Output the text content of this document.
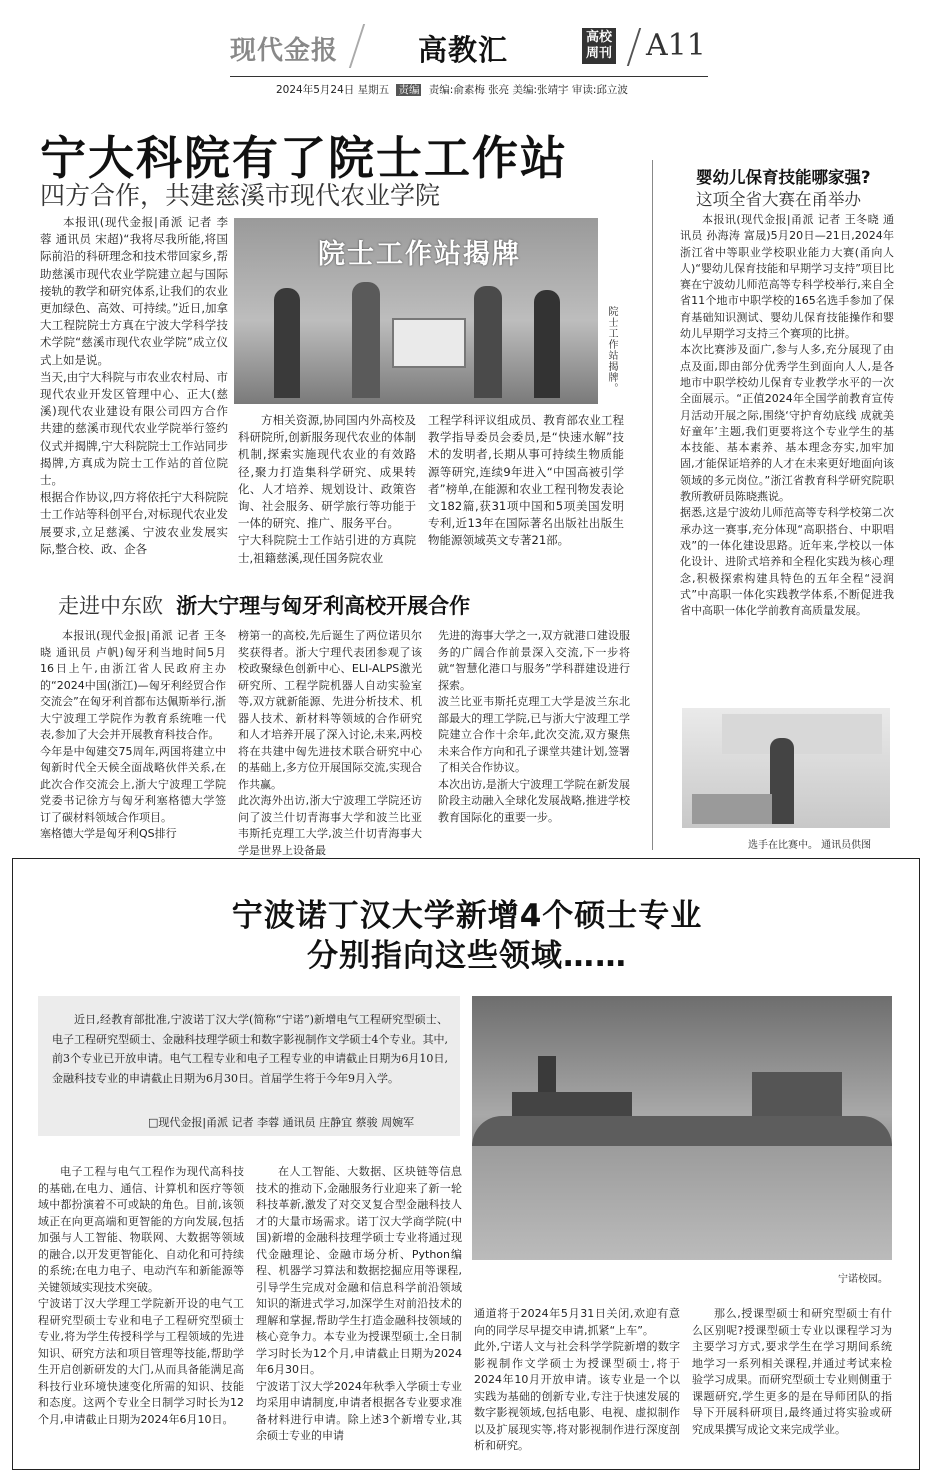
现代金报	高教汇	高校周刊 A11
2024年5月24日 星期五 责编 责编:俞素梅 张亮 美编:张靖宇 审读:邱立波
宁大科院有了院士工作站
四方合作，共建慈溪市现代农业学院

本报讯(现代金报|甬派 记者 李蓉 通讯员 宋超)“我将尽我所能,将国际前沿的科研理念和技术带回家乡,帮助慈溪市现代农业学院建立起与国际接轨的教学和研究体系,让我们的农业更加绿色、高效、可持续。”近日,加拿大工程院院士方真在宁波大学科学技术学院“慈溪市现代农业学院”成立仪式上如是说。
当天,由宁大科院与市农业农村局、市现代农业开发区管理中心、正大(慈溪)现代农业建设有限公司四方合作共建的慈溪市现代农业学院举行签约仪式并揭牌,宁大科院院士工作站同步揭牌,方真成为院士工作站的首位院士。
根据合作协议,四方将依托宁大科院院士工作站等科创平台,对标现代农业发展要求,立足慈溪、宁波农业发展实际,整合校、政、企各

院士工作站揭牌
院士工作站揭牌。

方相关资源,协同国内外高校及科研院所,创新服务现代农业的体制机制,探索实施现代农业的有效路径,聚力打造集科学研究、成果转化、人才培养、规划设计、政策咨询、社会服务、研学旅行等功能于一体的研究、推广、服务平台。
宁大科院院士工作站引进的方真院士,祖籍慈溪,现任国务院农业

工程学科评议组成员、教育部农业工程教学指导委员会委员,是“快速水解”技术的发明者,长期从事可持续生物质能源等研究,连续9年进入“中国高被引学者”榜单,在能源和农业工程刊物发表论文182篇,获31项中国和5项美国发明专利,近13年在国际著名出版社出版生物能源领域英文专著21部。

婴幼儿保育技能哪家强?
这项全省大赛在甬举办

本报讯(现代金报|甬派 记者 王冬晓 通讯员 孙海涛 富晟)5月20日—21日,2024年浙江省中等职业学校职业能力大赛(甬向人人)“婴幼儿保育技能和早期学习支持”项目比赛在宁波幼儿师范高等专科学校举行,来自全省11个地市中职学校的165名选手参加了保育基础知识测试、婴幼儿保育技能操作和婴幼儿早期学习支持三个赛项的比拼。
本次比赛涉及面广,参与人多,充分展现了由点及面,即由部分优秀学生到面向人人,是各地市中职学校幼儿保育专业教学水平的一次全面展示。“正值2024年全国学前教育宣传月活动开展之际,围绕‘守护育幼底线 成就美好童年’主题,我们更要将这个专业学生的基本技能、基本素养、基本理念夯实,加牢加固,才能保证培养的人才在未来更好地面向该领域的多元岗位。”浙江省教育科学研究院职教所教研员陈晓燕说。
据悉,这是宁波幼儿师范高等专科学校第二次承办这一赛事,充分体现“高职搭台、中职唱戏”的一体化建设思路。近年来,学校以一体化设计、进阶式培养和全程化实践为核心理念,积极探索构建具特色的五年全程“浸润式”中高职一体化实践教学体系,不断促进我省中高职一体化学前教育高质量发展。

选手在比赛中。 通讯员供图
走进中东欧 浙大宁理与匈牙利高校开展合作

本报讯(现代金报|甬派 记者 王冬晓 通讯员 卢帆)匈牙利当地时间5月16日上午,由浙江省人民政府主办的“2024中国(浙江)—匈牙利经贸合作交流会”在匈牙利首都布达佩斯举行,浙大宁波理工学院作为教育系统唯一代表,参加了大会并开展教育科技合作。
今年是中匈建交75周年,两国将建立中匈新时代全天候全面战略伙伴关系,在此次合作交流会上,浙大宁波理工学院党委书记徐方与匈牙利塞格德大学签订了碳材料领域合作项目。
塞格德大学是匈牙利QS排行

榜第一的高校,先后诞生了两位诺贝尔奖获得者。浙大宁理代表团参观了该校政聚绿色创新中心、ELI-ALPS激光研究所、工程学院机器人自动实验室等,双方就新能源、先进分析技术、机器人技术、新材料等领域的合作研究和人才培养开展了深入讨论,未来,两校将在共建中匈先进技术联合研究中心的基础上,多方位开展国际交流,实现合作共赢。
此次海外出访,浙大宁波理工学院还访问了波兰什切青海事大学和波兰比亚韦斯托克理工大学,波兰什切青海事大学是世界上设备最

先进的海事大学之一,双方就港口建设服务的广阔合作前景深入交流,下一步将就“智慧化港口与服务”学科群建设进行探索。
波兰比亚韦斯托克理工大学是波兰东北部最大的理工学院,已与浙大宁波理工学院建立合作十余年,此次交流,双方聚焦未来合作方向和孔子课堂共建计划,签署了相关合作协议。
本次出访,是浙大宁波理工学院在新发展阶段主动融入全球化发展战略,推进学校教育国际化的重要一步。

宁波诺丁汉大学新增4个硕士专业
分别指向这些领域……

近日,经教育部批准,宁波诺丁汉大学(简称“宁诺”)新增电气工程研究型硕士、电子工程研究型硕士、金融科技理学硕士和数字影视制作文学硕士4个专业。其中,前3个专业已开放申请。电气工程专业和电子工程专业的申请截止日期为6月10日,金融科技专业的申请截止日期为6月30日。首届学生将于今年9月入学。

□现代金报|甬派 记者 李蓉 通讯员 庄静宜 蔡骏 周婉军
宁诺校园。

电子工程与电气工程作为现代高科技的基础,在电力、通信、计算机和医疗等领域中都扮演着不可或缺的角色。目前,该领域正在向更高端和更智能的方向发展,包括加强与人工智能、物联网、大数据等领域的融合,以开发更智能化、自动化和可持续的系统;在电力电子、电动汽车和新能源等关键领域实现技术突破。
宁波诺丁汉大学理工学院新开设的电气工程研究型硕士专业和电子工程研究型硕士专业,将为学生传授科学与工程领域的先进知识、研究方法和项目管理等技能,帮助学生开启创新研发的大门,从而具备能满足高科技行业环境快速变化所需的知识、技能和态度。这两个专业全日制学习时长为12个月,申请截止日期为2024年6月10日。

在人工智能、大数据、区块链等信息技术的推动下,金融服务行业迎来了新一轮科技革新,激发了对交叉复合型金融科技人才的大量市场需求。诺丁汉大学商学院(中国)新增的金融科技理学硕士专业将通过现代金融理论、金融市场分析、Python编程、机器学习算法和数据挖掘应用等课程,引导学生完成对金融和信息科学前沿领域知识的渐进式学习,加深学生对前沿技术的理解和掌握,帮助学生打造金融科技领域的核心竞争力。本专业为授课型硕士,全日制学习时长为12个月,申请截止日期为2024年6月30日。
宁波诺丁汉大学2024年秋季入学硕士专业均采用申请制度,申请者根据各专业要求准备材料进行申请。除上述3个新增专业,其余硕士专业的申请

通道将于2024年5月31日关闭,欢迎有意向的同学尽早提交申请,抓紧“上车”。
此外,宁诺人文与社会科学学院新增的数字影视制作文学硕士为授课型硕士,将于2024年10月开放申请。该专业是一个以实践为基础的创新专业,专注于快速发展的数字影视领域,包括电影、电视、虚拟制作以及扩展现实等,将对影视制作进行深度剖析和研究。

那么,授课型硕士和研究型硕士有什么区别呢?授课型硕士专业以课程学习为主要学习方式,要求学生在学习期间系统地学习一系列相关课程,并通过考试来检验学习成果。而研究型硕士专业则侧重于课题研究,学生更多的是在导师团队的指导下开展科研项目,最终通过将实验或研究成果撰写成论文来完成学业。
